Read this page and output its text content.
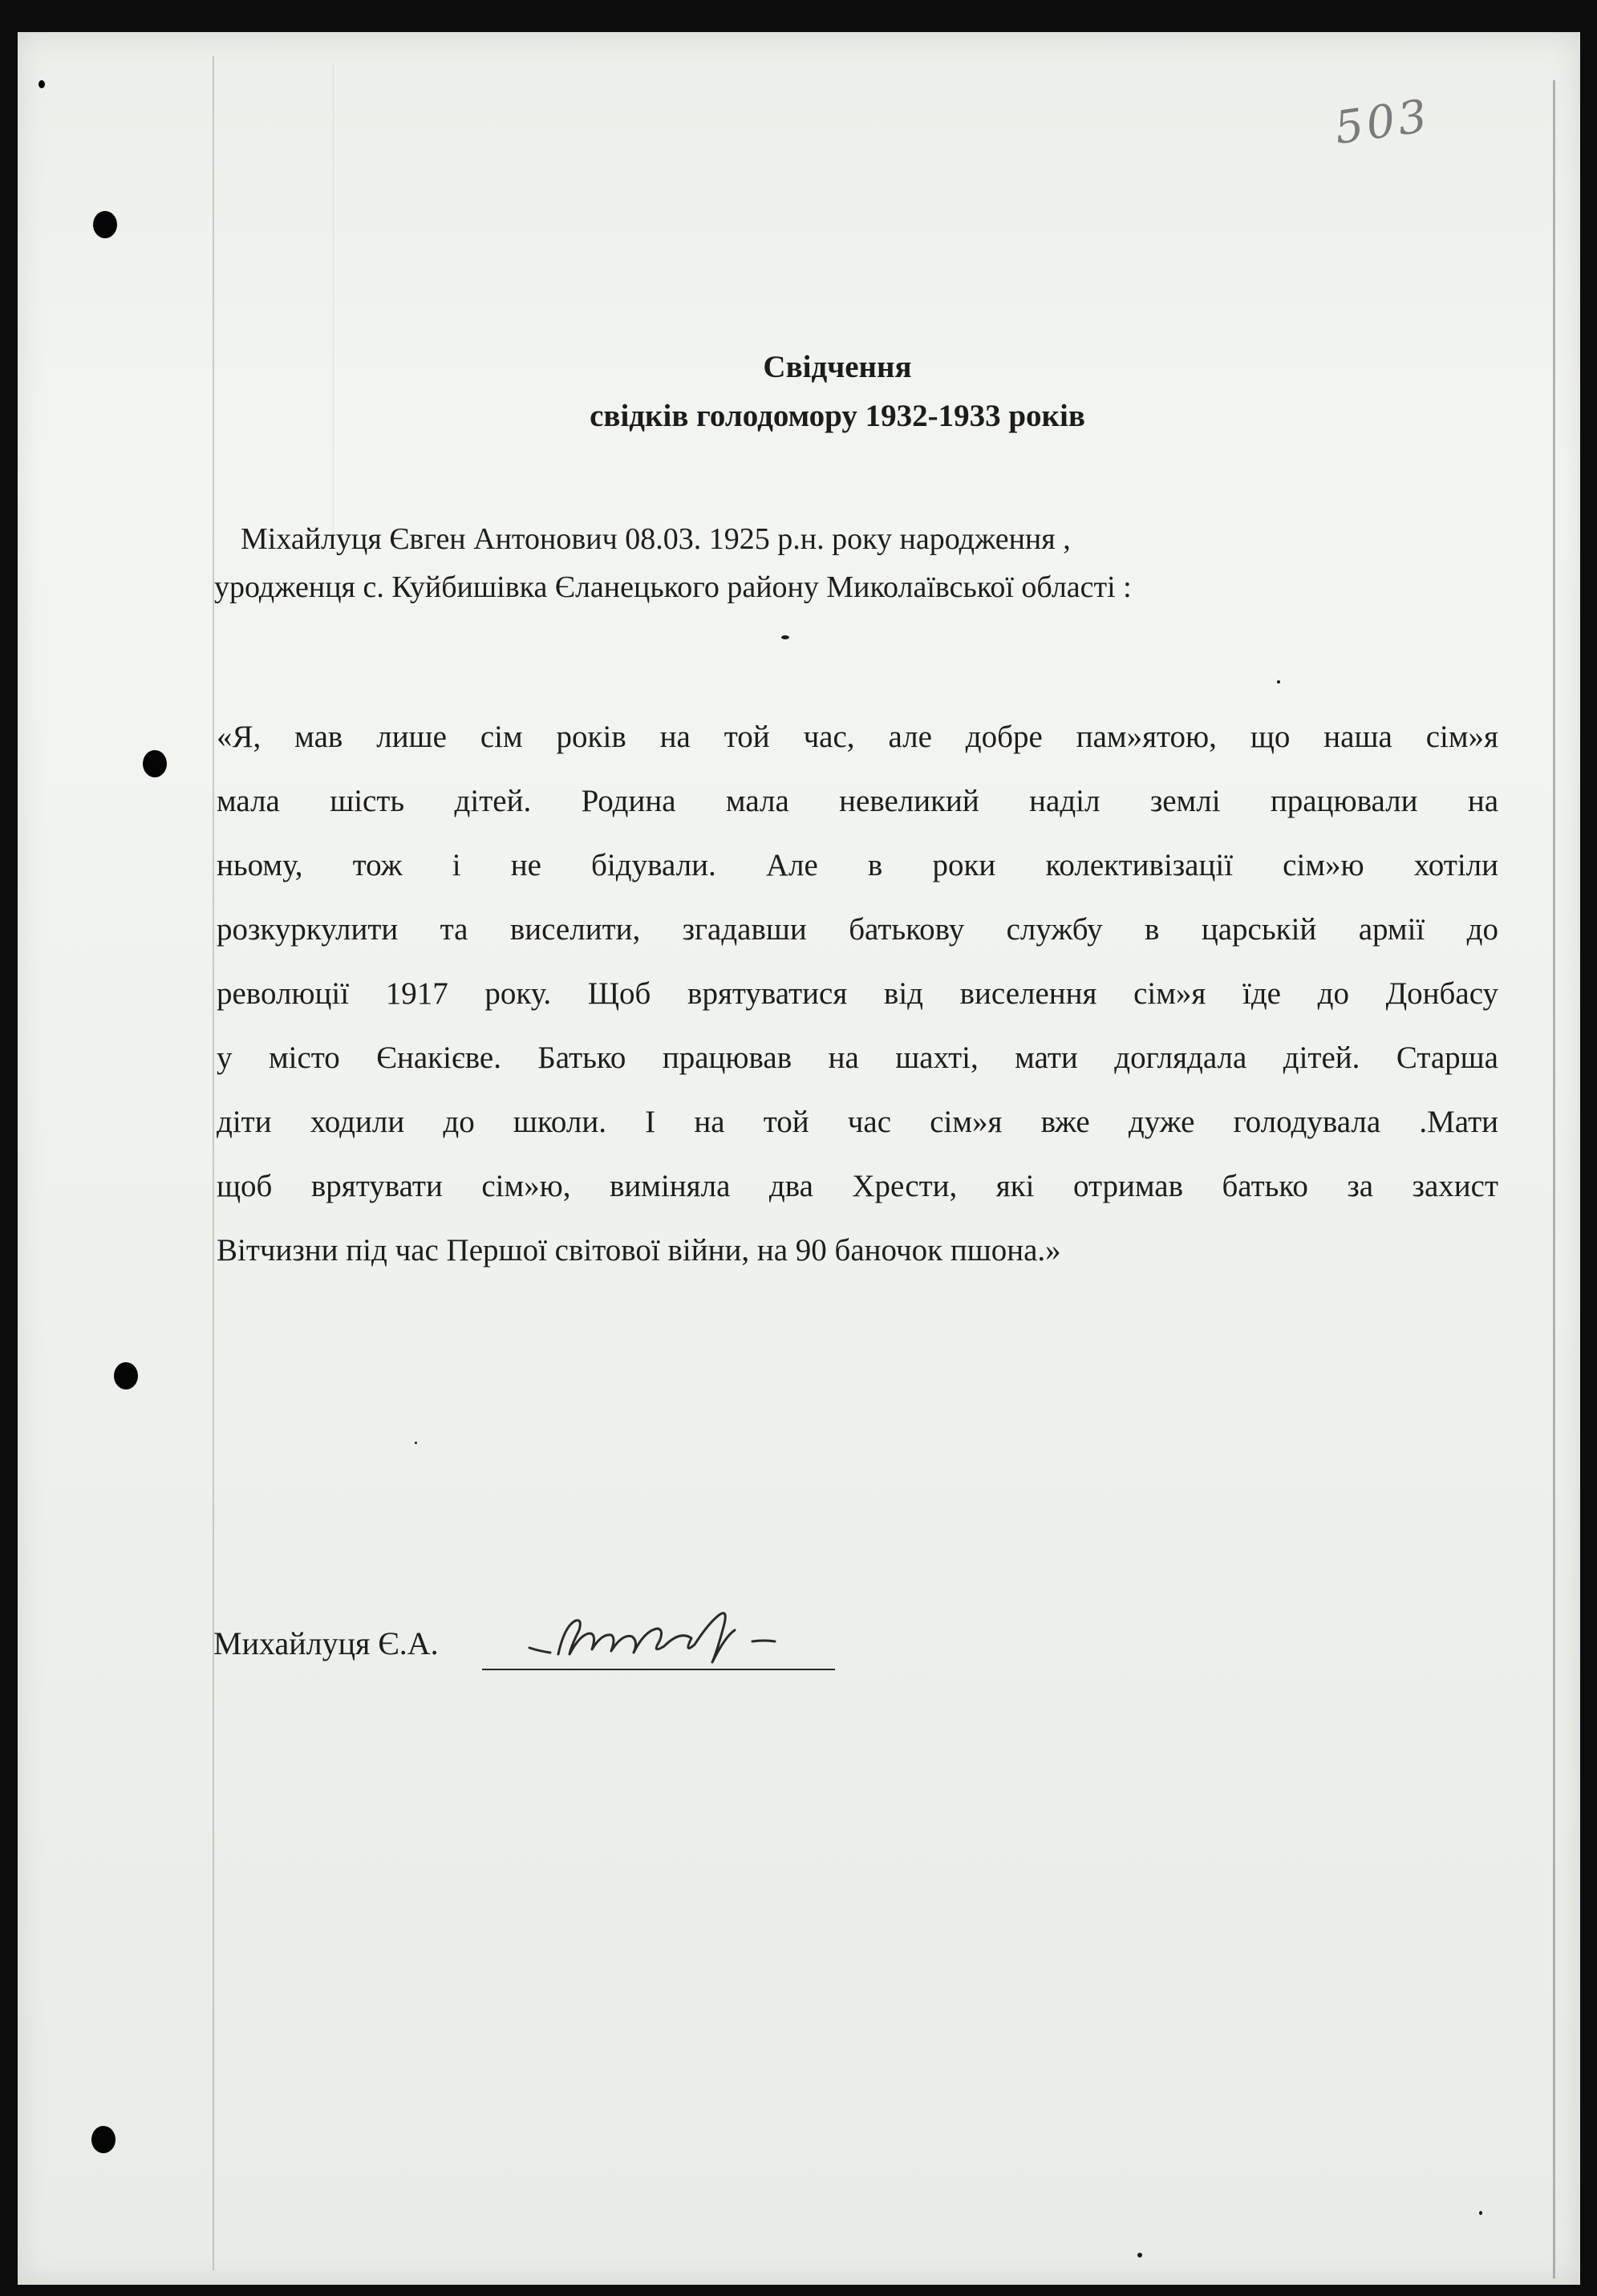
503
Свідчення
свідків голодомору 1932-1933 років
Міхайлуця Євген Антонович 08.03. 1925 р.н. року народження ,
уродженця с. Куйбишівка Єланецького району Миколаївської області :
«Я, мав лише сім років на той час, але добре пам»ятою, що наша сім»я
мала шість дітей. Родина мала невеликий наділ землі працювали на
ньому, тож і не бідували. Але в роки колективізації сім»ю хотіли
розкуркулити та виселити, згадавши батькову службу в царській армії до
революції 1917 року. Щоб врятуватися від виселення сім»я їде до Донбасу
у місто Єнакієве. Батько працював на шахті, мати доглядала дітей. Старша
діти ходили до школи. І на той час сім»я вже дуже голодувала .Мати
щоб врятувати сім»ю, виміняла два Хрести, які отримав батько за захист
Вітчизни під час Першої світової війни, на 90 баночок пшона.»
Михайлуця Є.А.
